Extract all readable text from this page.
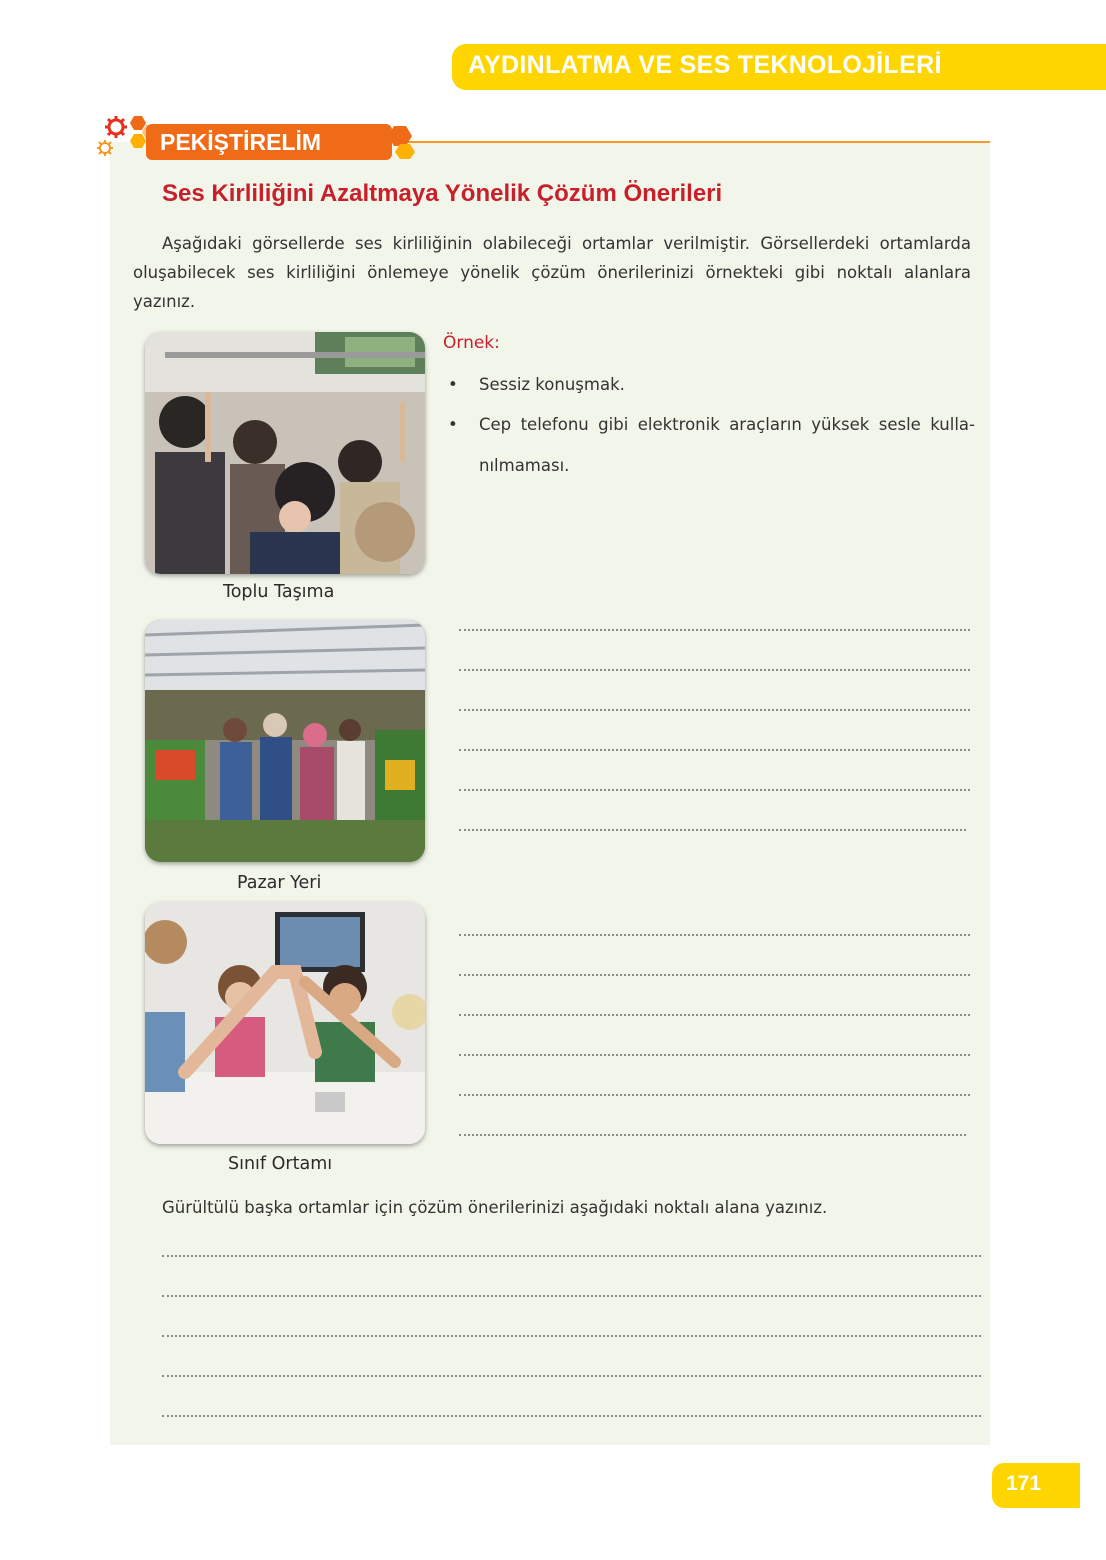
AYDINLATMA VE SES TEKNOLOJİLERİ
PEKİŞTİRELİM
Ses Kirliliğini Azaltmaya Yönelik Çözüm Önerileri
Aşağıdaki görsellerde ses kirliliğinin olabileceği ortamlar verilmiştir. Görsellerdeki ortamlarda oluşabilecek ses kirliliğini önlemeye yönelik çözüm önerilerinizi örnekteki gibi noktalı alanlara yazınız.
Toplu Taşıma
Pazar Yeri
Sınıf Ortamı
Örnek:
• Sessiz konuşmak.
• Cep telefonu gibi elektronik araçların yüksek sesle kulla-nılmaması.
Gürültülü başka ortamlar için çözüm önerilerinizi aşağıdaki noktalı alana yazınız.
171
